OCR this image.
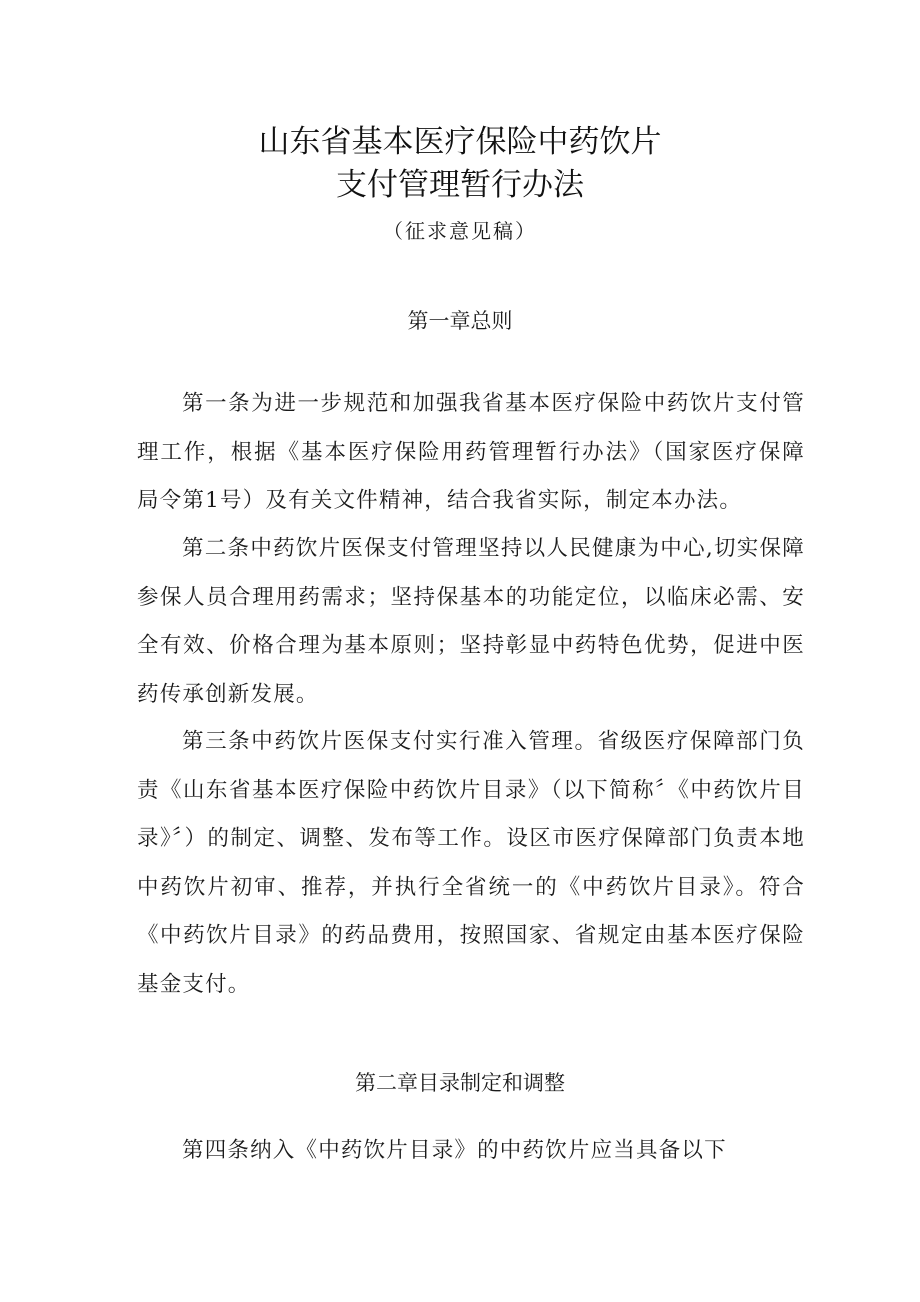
山东省基本医疗保险中药饮片
支付管理暂行办法
（征求意见稿）
第一章总则
第一条为进一步规范和加强我省基本医疗保险中药饮片支付管理工作，根据《基本医疗保险用药管理暂行办法》（国家医疗保障局令第1号）及有关文件精神，结合我省实际，制定本办法。
第二条中药饮片医保支付管理坚持以人民健康为中心,切实保障参保人员合理用药需求；坚持保基本的功能定位，以临床必需、安全有效、价格合理为基本原则；坚持彰显中药特色优势，促进中医药传承创新发展。
第三条中药饮片医保支付实行准入管理。省级医疗保障部门负责《山东省基本医疗保险中药饮片目录》（以下简称〞《中药饮片目录》〞）的制定、调整、发布等工作。设区市医疗保障部门负责本地中药饮片初审、推荐，并执行全省统一的《中药饮片目录》。符合《中药饮片目录》的药品费用，按照国家、省规定由基本医疗保险基金支付。
第二章目录制定和调整
第四条纳入《中药饮片目录》的中药饮片应当具备以下
